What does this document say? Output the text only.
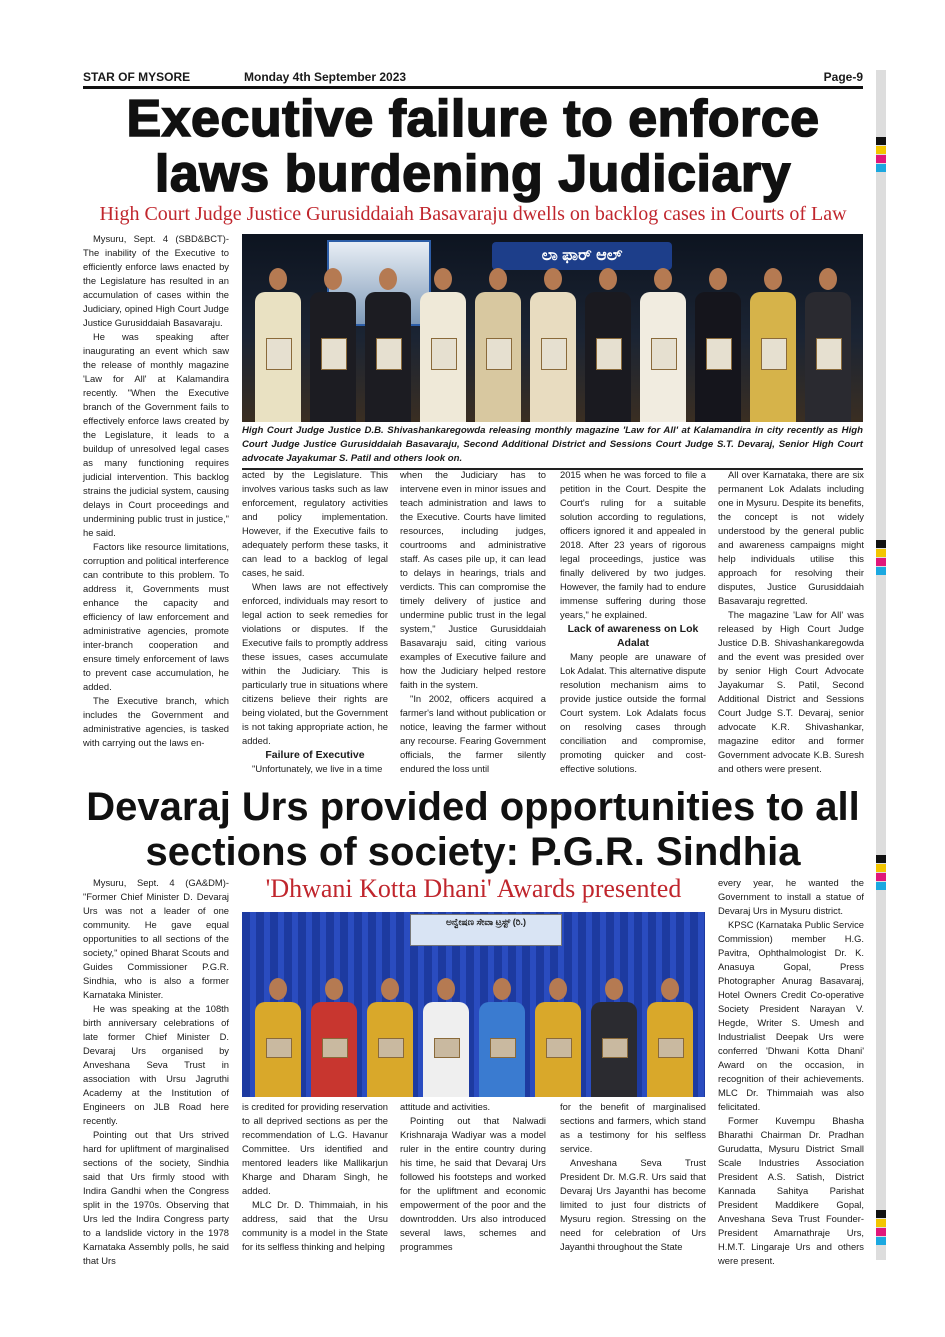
STAR OF MYSORE	Monday 4th September 2023	Page-9
Executive failure to enforce
laws burdening Judiciary
High Court Judge Justice Gurusiddaiah Basavaraju dwells on backlog cases in Courts of Law
ಲಾ ಫಾರ್ ಆಲ್
High Court Judge Justice D.B. Shivashankaregowda releasing monthly magazine 'Law for All' at Kalamandira in city recently as High Court Judge Justice Gurusiddaiah Basavaraju, Second Additional District and Sessions Court Judge S.T. Devaraj, Senior High Court advocate Jayakumar S. Patil and others look on.

Mysuru, Sept. 4 (SBD&BCT)- The inability of the Executive to efficiently enforce laws enacted by the Legislature has resulted in an accumulation of cases within the Judiciary, opined High Court Judge Justice Gurusiddaiah Basavaraju.

He was speaking after inaugurating an event which saw the release of monthly magazine 'Law for All' at Kalamandira recently. "When the Executive branch of the Government fails to effectively enforce laws created by the Legislature, it leads to a buildup of unresolved legal cases as many functioning requires judicial intervention. This backlog strains the judicial system, causing delays in Court proceedings and undermining public trust in justice," he said.

Factors like resource limitations, corruption and political interference can contribute to this problem. To address it, Governments must enhance the capacity and efficiency of law enforcement and administrative agencies, promote inter-branch cooperation and ensure timely enforcement of laws to prevent case accumulation, he added.

The Executive branch, which includes the Government and administrative agencies, is tasked with carrying out the laws en-

acted by the Legislature. This involves various tasks such as law enforcement, regulatory activities and policy implementation. However, if the Executive fails to adequately perform these tasks, it can lead to a backlog of legal cases, he said.

When laws are not effectively enforced, individuals may resort to legal action to seek remedies for violations or disputes. If the Executive fails to promptly address these issues, cases accumulate within the Judiciary. This is particularly true in situations where citizens believe their rights are being violated, but the Government is not taking appropriate action, he added.

Failure of Executive

"Unfortunately, we live in a time

when the Judiciary has to intervene even in minor issues and teach administration and laws to the Executive. Courts have limited resources, including judges, courtrooms and administrative staff. As cases pile up, it can lead to delays in hearings, trials and verdicts. This can compromise the timely delivery of justice and undermine public trust in the legal system," Justice Gurusiddaiah Basavaraju said, citing various examples of Executive failure and how the Judiciary helped restore faith in the system.

"In 2002, officers acquired a farmer's land without publication or notice, leaving the farmer without any recourse. Fearing Government officials, the farmer silently endured the loss until

2015 when he was forced to file a petition in the Court. Despite the Court's ruling for a suitable solution according to regulations, officers ignored it and appealed in 2018. After 23 years of rigorous legal proceedings, justice was finally delivered by two judges. However, the family had to endure immense suffering during those years," he explained.

Lack of awareness on Lok Adalat

Many people are unaware of Lok Adalat. This alternative dispute resolution mechanism aims to provide justice outside the formal Court system. Lok Adalats focus on resolving cases through conciliation and compromise, promoting quicker and cost-effective solutions.

All over Karnataka, there are six permanent Lok Adalats including one in Mysuru. Despite its benefits, the concept is not widely understood by the general public and awareness campaigns might help individuals utilise this approach for resolving their disputes, Justice Gurusiddaiah Basavaraju regretted.

The magazine 'Law for All' was released by High Court Judge Justice D.B. Shivashankaregowda and the event was presided over by senior High Court Advocate Jayakumar S. Patil, Second Additional District and Sessions Court Judge S.T. Devaraj, senior advocate K.R. Shivashankar, magazine editor and former Government advocate K.B. Suresh and others were present.

Devaraj Urs provided opportunities to all
sections of society: P.G.R. Sindhia
'Dhwani Kotta Dhani' Awards presented
ಅನ್ವೇಷಣ ಸೇವಾ ಟ್ರಸ್ಟ್ (ರಿ.)

Mysuru, Sept. 4 (GA&DM)- "Former Chief Minister D. Devaraj Urs was not a leader of one community. He gave equal opportunities to all sections of the society," opined Bharat Scouts and Guides Commissioner P.G.R. Sindhia, who is also a former Karnataka Minister.

He was speaking at the 108th birth anniversary celebrations of late former Chief Minister D. Devaraj Urs organised by Anveshana Seva Trust in association with Ursu Jagruthi Academy at the Institution of Engineers on JLB Road here recently.

Pointing out that Urs strived hard for upliftment of marginalised sections of the society, Sindhia said that Urs firmly stood with Indira Gandhi when the Congress split in the 1970s. Observing that Urs led the Indira Congress party to a landslide victory in the 1978 Karnataka Assembly polls, he said that Urs

is credited for providing reservation to all deprived sections as per the recommendation of L.G. Havanur Committee. Urs identified and mentored leaders like Mallikarjun Kharge and Dharam Singh, he added.

MLC Dr. D. Thimmaiah, in his address, said that the Ursu community is a model in the State for its selfless thinking and helping

attitude and activities.

Pointing out that Nalwadi Krishnaraja Wadiyar was a model ruler in the entire country during his time, he said that Devaraj Urs followed his footsteps and worked for the upliftment and economic empowerment of the poor and the downtrodden. Urs also introduced several laws, schemes and programmes

for the benefit of marginalised sections and farmers, which stand as a testimony for his selfless service.

Anveshana Seva Trust President Dr. M.G.R. Urs said that Devaraj Urs Jayanthi has become limited to just four districts of Mysuru region. Stressing on the need for celebration of Urs Jayanthi throughout the State

every year, he wanted the Government to install a statue of Devaraj Urs in Mysuru district.

KPSC (Karnataka Public Service Commission) member H.G. Pavitra, Ophthalmologist Dr. K. Anasuya Gopal, Press Photographer Anurag Basavaraj, Hotel Owners Credit Co-operative Society President Narayan V. Hegde, Writer S. Umesh and Industrialist Deepak Urs were conferred 'Dhwani Kotta Dhani' Award on the occasion, in recognition of their achievements. MLC Dr. Thimmaiah was also felicitated.

Former Kuvempu Bhasha Bharathi Chairman Dr. Pradhan Gurudatta, Mysuru District Small Scale Industries Association President A.S. Satish, District Kannada Sahitya Parishat President Maddikere Gopal, Anveshana Seva Trust Founder-President Amarnathraje Urs, H.M.T. Lingaraje Urs and others were present.
